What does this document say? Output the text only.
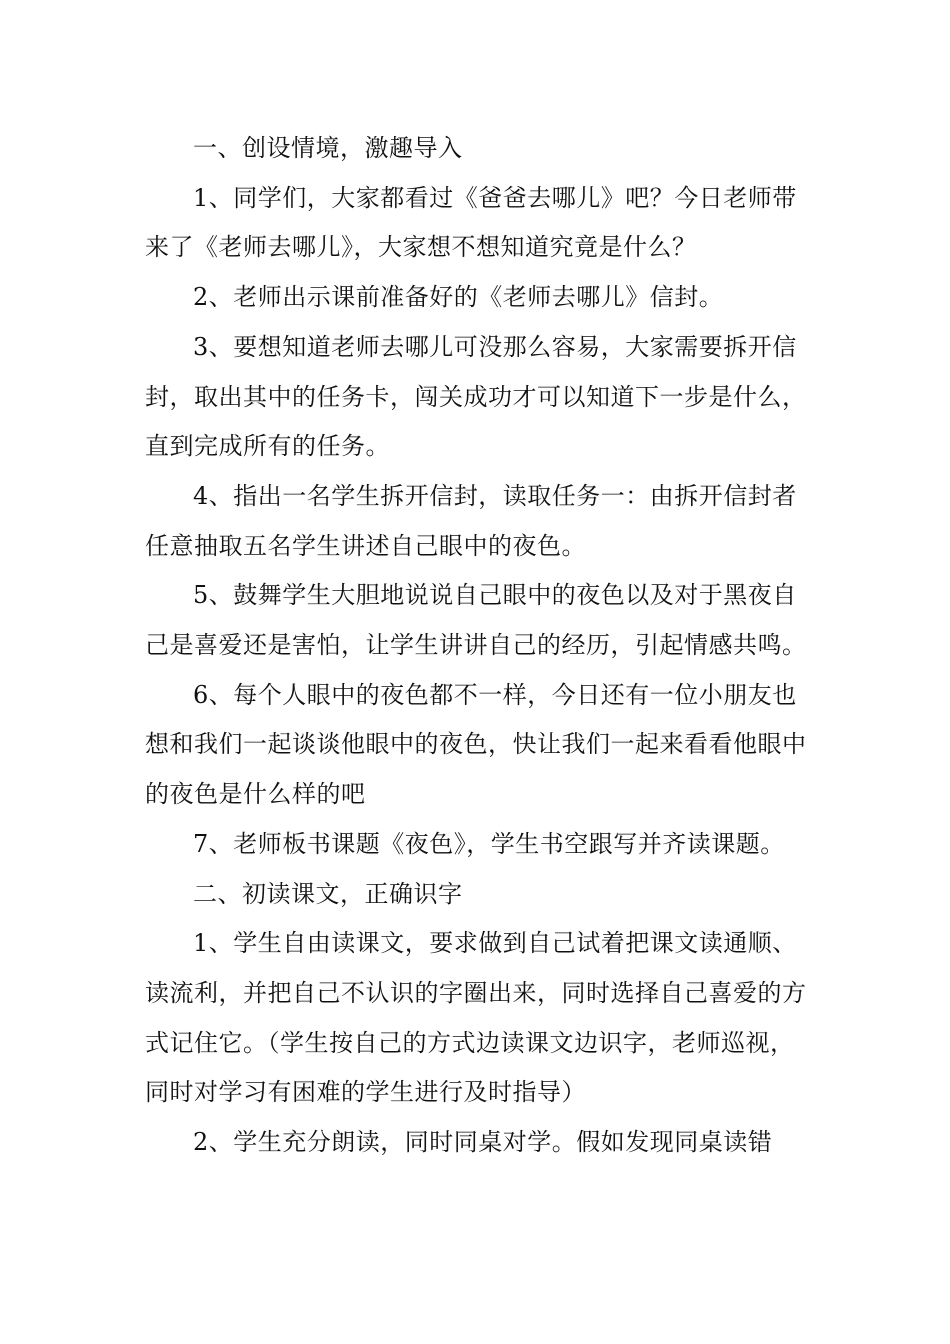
一、创设情境，激趣导入

1、同学们，大家都看过《爸爸去哪儿》吧？今日老师带来了《老师去哪儿》，大家想不想知道究竟是什么？

2、老师出示课前准备好的《老师去哪儿》信封。

3、要想知道老师去哪儿可没那么容易，大家需要拆开信封，取出其中的任务卡，闯关成功才可以知道下一步是什么，直到完成所有的任务。

4、指出一名学生拆开信封，读取任务一：由拆开信封者任意抽取五名学生讲述自己眼中的夜色。

5、鼓舞学生大胆地说说自己眼中的夜色以及对于黑夜自己是喜爱还是害怕，让学生讲讲自己的经历，引起情感共鸣。

6、每个人眼中的夜色都不一样，今日还有一位小朋友也想和我们一起谈谈他眼中的夜色，快让我们一起来看看他眼中的夜色是什么样的吧

7、老师板书课题《夜色》，学生书空跟写并齐读课题。

二、初读课文，正确识字

1、学生自由读课文，要求做到自己试着把课文读通顺、读流利，并把自己不认识的字圈出来，同时选择自己喜爱的方式记住它。（学生按自己的方式边读课文边识字，老师巡视，同时对学习有困难的学生进行及时指导）

2、学生充分朗读，同时同桌对学。假如发现同桌读错
